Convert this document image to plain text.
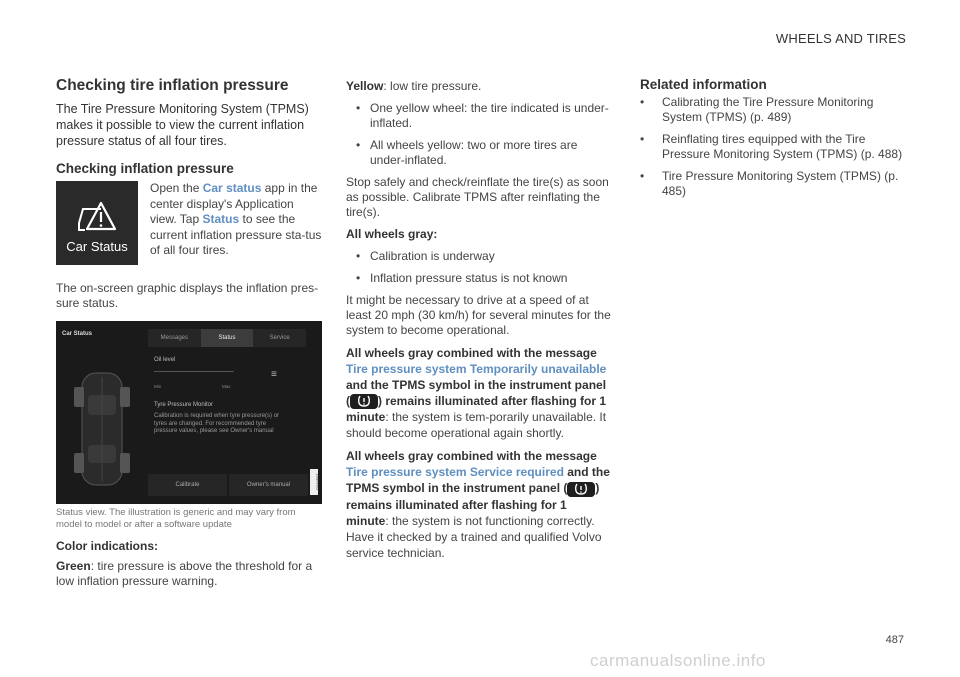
WHEELS AND TIRES
Checking tire inflation pressure

The Tire Pressure Monitoring System (TPMS) makes it possible to view the current inflation pressure status of all four tires.

Checking inflation pressure
Car Status
Open the Car status app in the center display's Application view. Tap Status to see the current inflation pressure sta-tus of all four tires.

The on-screen graphic displays the inflation pres-sure status.

Car Status
Messages	Status	Service
Oil level
Min	Max
≡
Tyre Pressure Monitor
Calibration is required when tyre pressure(s) or tyres are changed. For recommended tyre pressure values, please see Owner's manual
Calibrate	Owner's manual	G044507
Status view. The illustration is generic and may vary from model to model or after a software update

Color indications:

Green: tire pressure is above the threshold for a low inflation pressure warning.

Yellow: low tire pressure.

• One yellow wheel: the tire indicated is under-inflated.
• All wheels yellow: two or more tires are under-inflated.

Stop safely and check/reinflate the tire(s) as soon as possible. Calibrate TPMS after reinflating the tire(s).

All wheels gray:

• Calibration is underway
• Inflation pressure status is not known

It might be necessary to drive at a speed of at least 20 mph (30 km/h) for several minutes for the system to become operational.

All wheels gray combined with the message Tire pressure system Temporarily unavailable and the TPMS symbol in the instrument panel ( ) remains illuminated after flashing for 1 minute: the system is tem-porarily unavailable. It should become operational again shortly.

All wheels gray combined with the message Tire pressure system Service required and the TPMS symbol in the instrument panel ( ) remains illuminated after flashing for 1 minute: the system is not functioning correctly. Have it checked by a trained and qualified Volvo service technician.

Related information
•	Calibrating the Tire Pressure Monitoring System (TPMS) (p. 489)
•	Reinflating tires equipped with the Tire Pressure Monitoring System (TPMS) (p. 488)
•	Tire Pressure Monitoring System (TPMS) (p. 485)
487
carmanualsonline.info
